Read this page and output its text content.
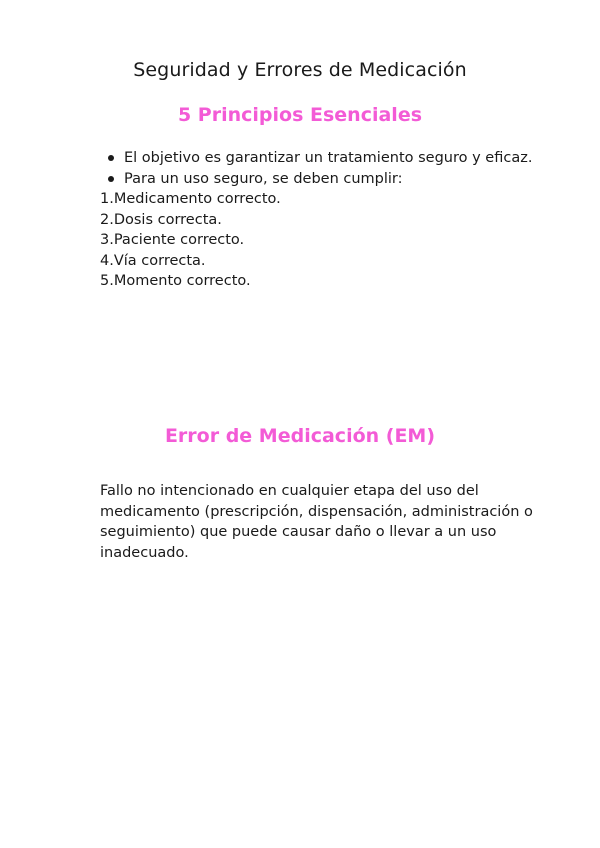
Seguridad y Errores de Medicación
5 Principios Esenciales
El objetivo es garantizar un tratamiento seguro y eficaz.
Para un uso seguro, se deben cumplir:
1.Medicamento correcto.
2.Dosis correcta.
3.Paciente correcto.
4.Vía correcta.
5.Momento correcto.
Error de Medicación (EM)

Fallo no intencionado en cualquier etapa del uso del medicamento (prescripción, dispensación, administración o seguimiento) que puede causar daño o llevar a un uso inadecuado.
